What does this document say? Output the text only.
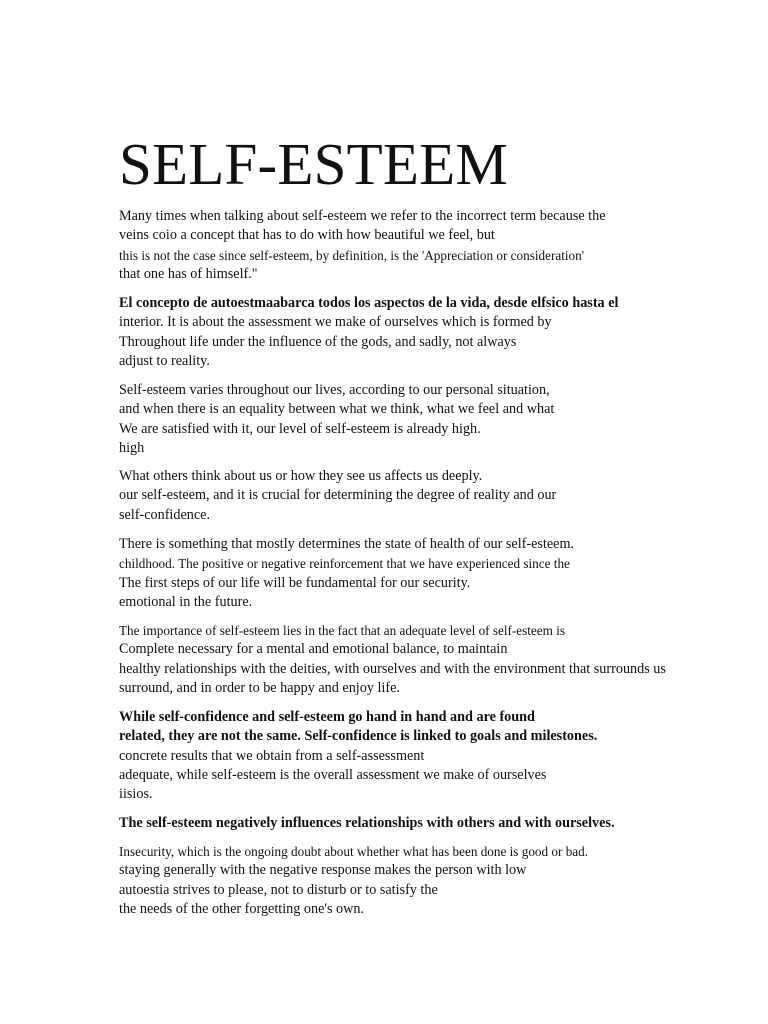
SELF-ESTEEM
Many times when talking about self-esteem we refer to the incorrect term because the
veins coio a concept that has to do with how beautiful we feel, but
this is not the case since self-esteem, by definition, is the 'Appreciation or consideration'
that one has of himself."
El concepto de autoestmaabarca todos los aspectos de la vida, desde elfsico hasta el
interior. It is about the assessment we make of ourselves which is formed by
Throughout life under the influence of the gods, and sadly, not always
adjust to reality.
Self-esteem varies throughout our lives, according to our personal situation,
and when there is an equality between what we think, what we feel and what
We are satisfied with it, our level of self-esteem is already high.
high
What others think about us or how they see us affects us deeply.
our self-esteem, and it is crucial for determining the degree of reality and our
self-confidence.
There is something that mostly determines the state of health of our self-esteem.
childhood. The positive or negative reinforcement that we have experienced since the
The first steps of our life will be fundamental for our security.
emotional in the future.
The importance of self-esteem lies in the fact that an adequate level of self-esteem is
Complete necessary for a mental and emotional balance, to maintain
healthy relationships with the deities, with ourselves and with the environment that surrounds us
surround, and in order to be happy and enjoy life.
While self-confidence and self-esteem go hand in hand and are found
related, they are not the same. Self-confidence is linked to goals and milestones.
concrete results that we obtain from a self-assessment
adequate, while self-esteem is the overall assessment we make of ourselves
iisios.
The self-esteem negatively influences relationships with others and with ourselves.
Insecurity, which is the ongoing doubt about whether what has been done is good or bad.
staying generally with the negative response makes the person with low
autoestia strives to please, not to disturb or to satisfy the
the needs of the other forgetting one's own.
